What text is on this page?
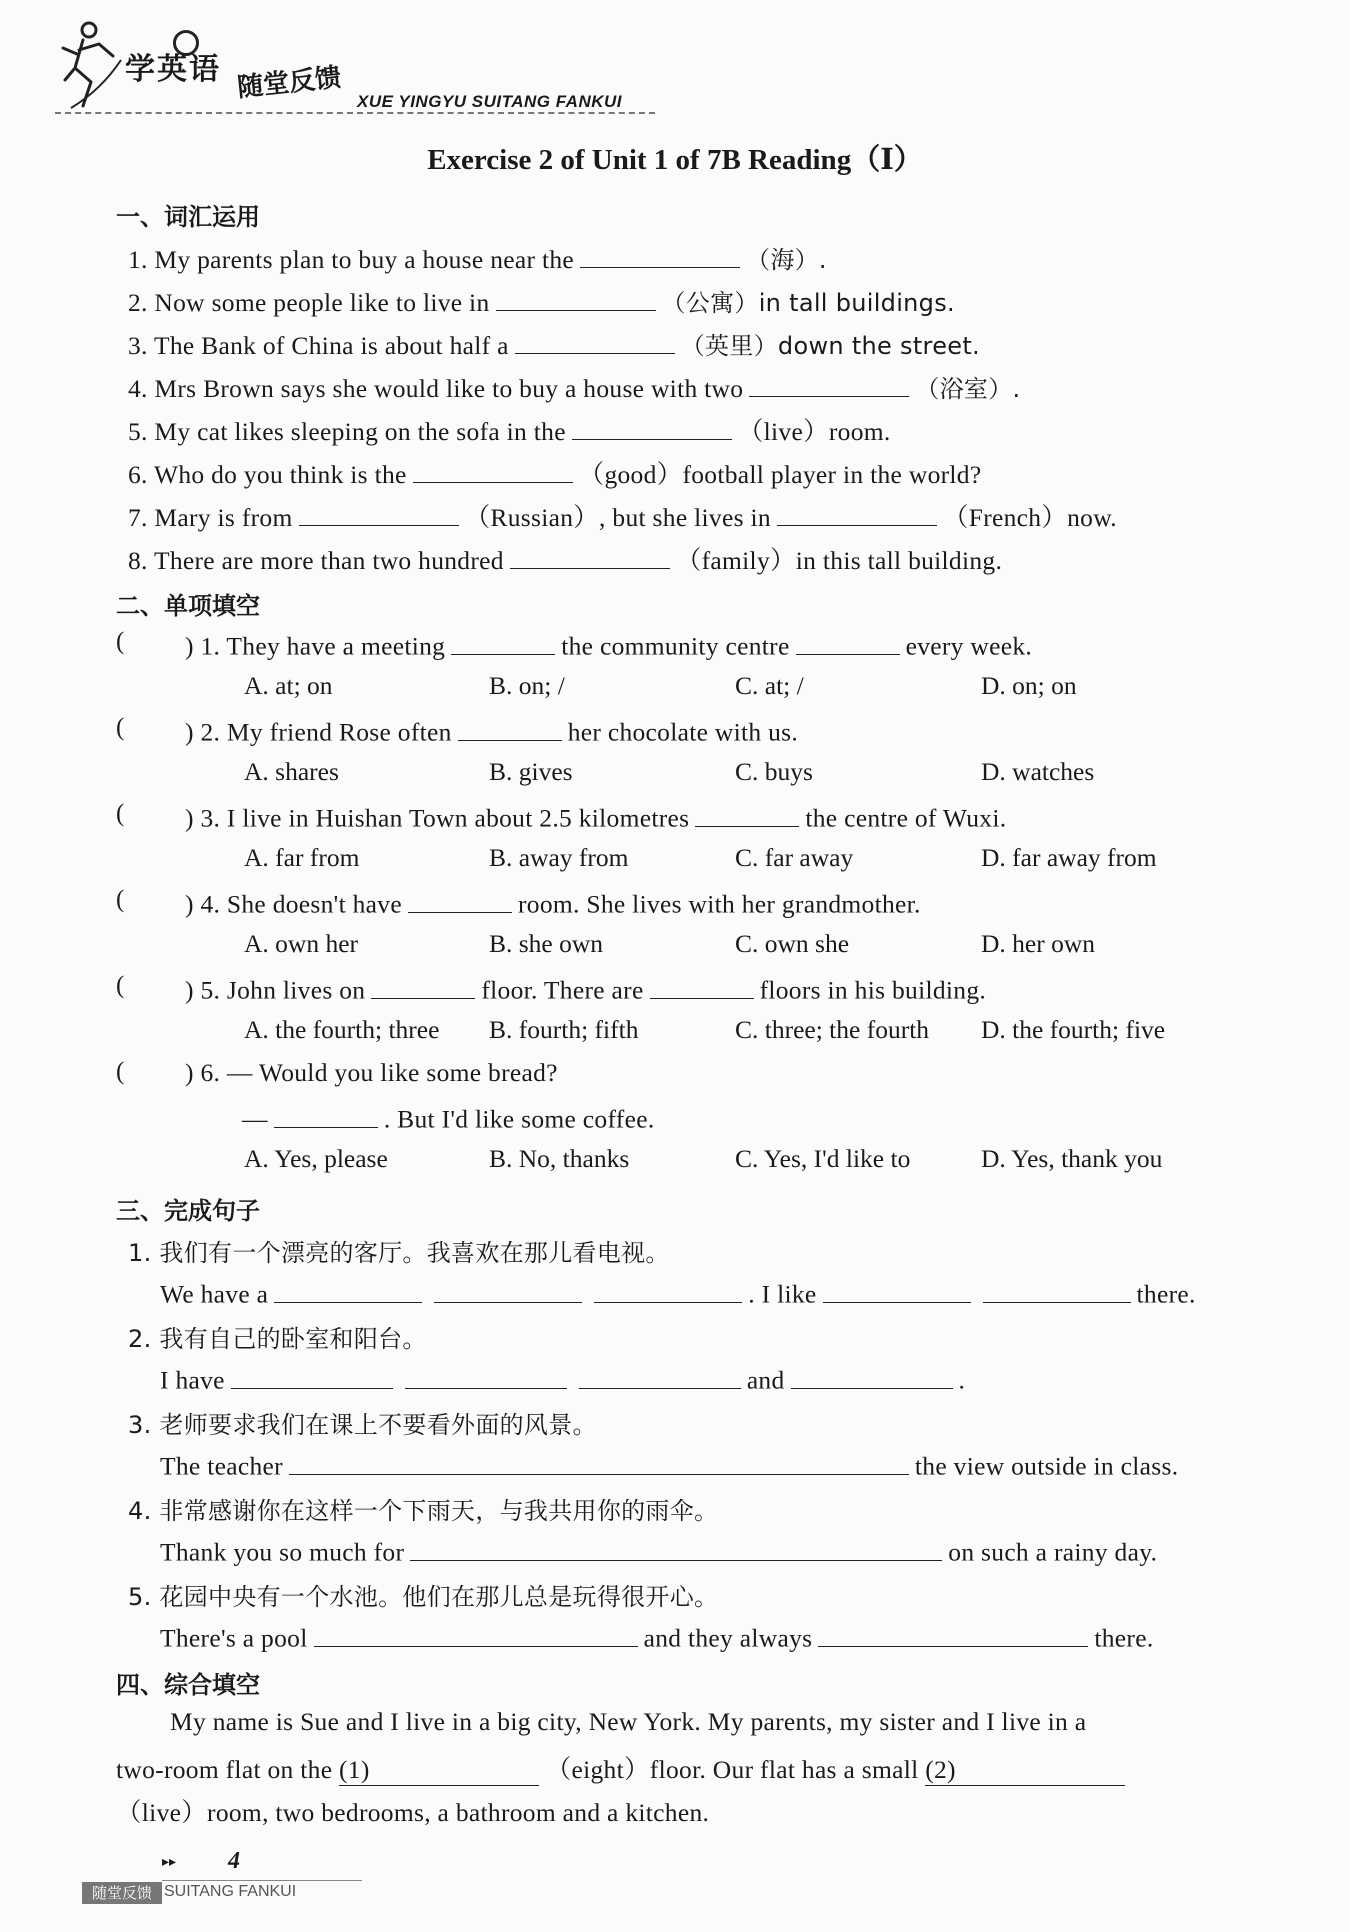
学英语 随堂反馈 XUE YINGYU SUITANG FANKUI
Exercise 2 of Unit 1 of 7B Reading（Ⅰ）
一、词汇运用
1. My parents plan to buy a house near the	（海）.
2. Now some people like to live in	（公寓）in tall buildings.
3. The Bank of China is about half a	（英里）down the street.
4. Mrs Brown says she would like to buy a house with two	（浴室）.
5. My cat likes sleeping on the sofa in the	（live）room.
6. Who do you think is the	（good）football player in the world?
7. Mary is from	（Russian）, but she lives in	（French）now.
8. There are more than two hundred	（family）in this tall building.
二、单项填空
( ) 1. They have a meeting	the community centre	every week.
A. at; on	B. on; /	C. at; /	D. on; on
( ) 2. My friend Rose often	her chocolate with us.
A. shares	B. gives	C. buys	D. watches
( ) 3. I live in Huishan Town about 2.5 kilometres	the centre of Wuxi.
A. far from	B. away from	C. far away	D. far away from
( ) 4. She doesn't have	room. She lives with her grandmother.
A. own her	B. she own	C. own she	D. her own
( ) 5. John lives on	floor. There are	floors in his building.
A. the fourth; three B. fourth; fifth	C. three; the fourth D. the fourth; five
( ) 6. — Would you like some bread?
—	. But I'd like some coffee.
A. Yes, please	B. No, thanks	C. Yes, I'd like to	D. Yes, thank you
三、完成句子
1. 我们有一个漂亮的客厅。我喜欢在那儿看电视。
We have a	. I like	there.
2. 我有自己的卧室和阳台。
I have	and	.
3. 老师要求我们在课上不要看外面的风景。
The teacher	the view outside in class.
4. 非常感谢你在这样一个下雨天，与我共用你的雨伞。
Thank you so much for	on such a rainy day.
5. 花园中央有一个水池。他们在那儿总是玩得很开心。
There's a pool	and they always	there.
四、综合填空
My name is Sue and I live in a big city, New York. My parents, my sister and I live in a
two-room flat on the (1)	（eight）floor. Our flat has a small (2)
（live）room, two bedrooms, a bathroom and a kitchen.
▸▸ 4
随堂反馈 SUITANG FANKUI
